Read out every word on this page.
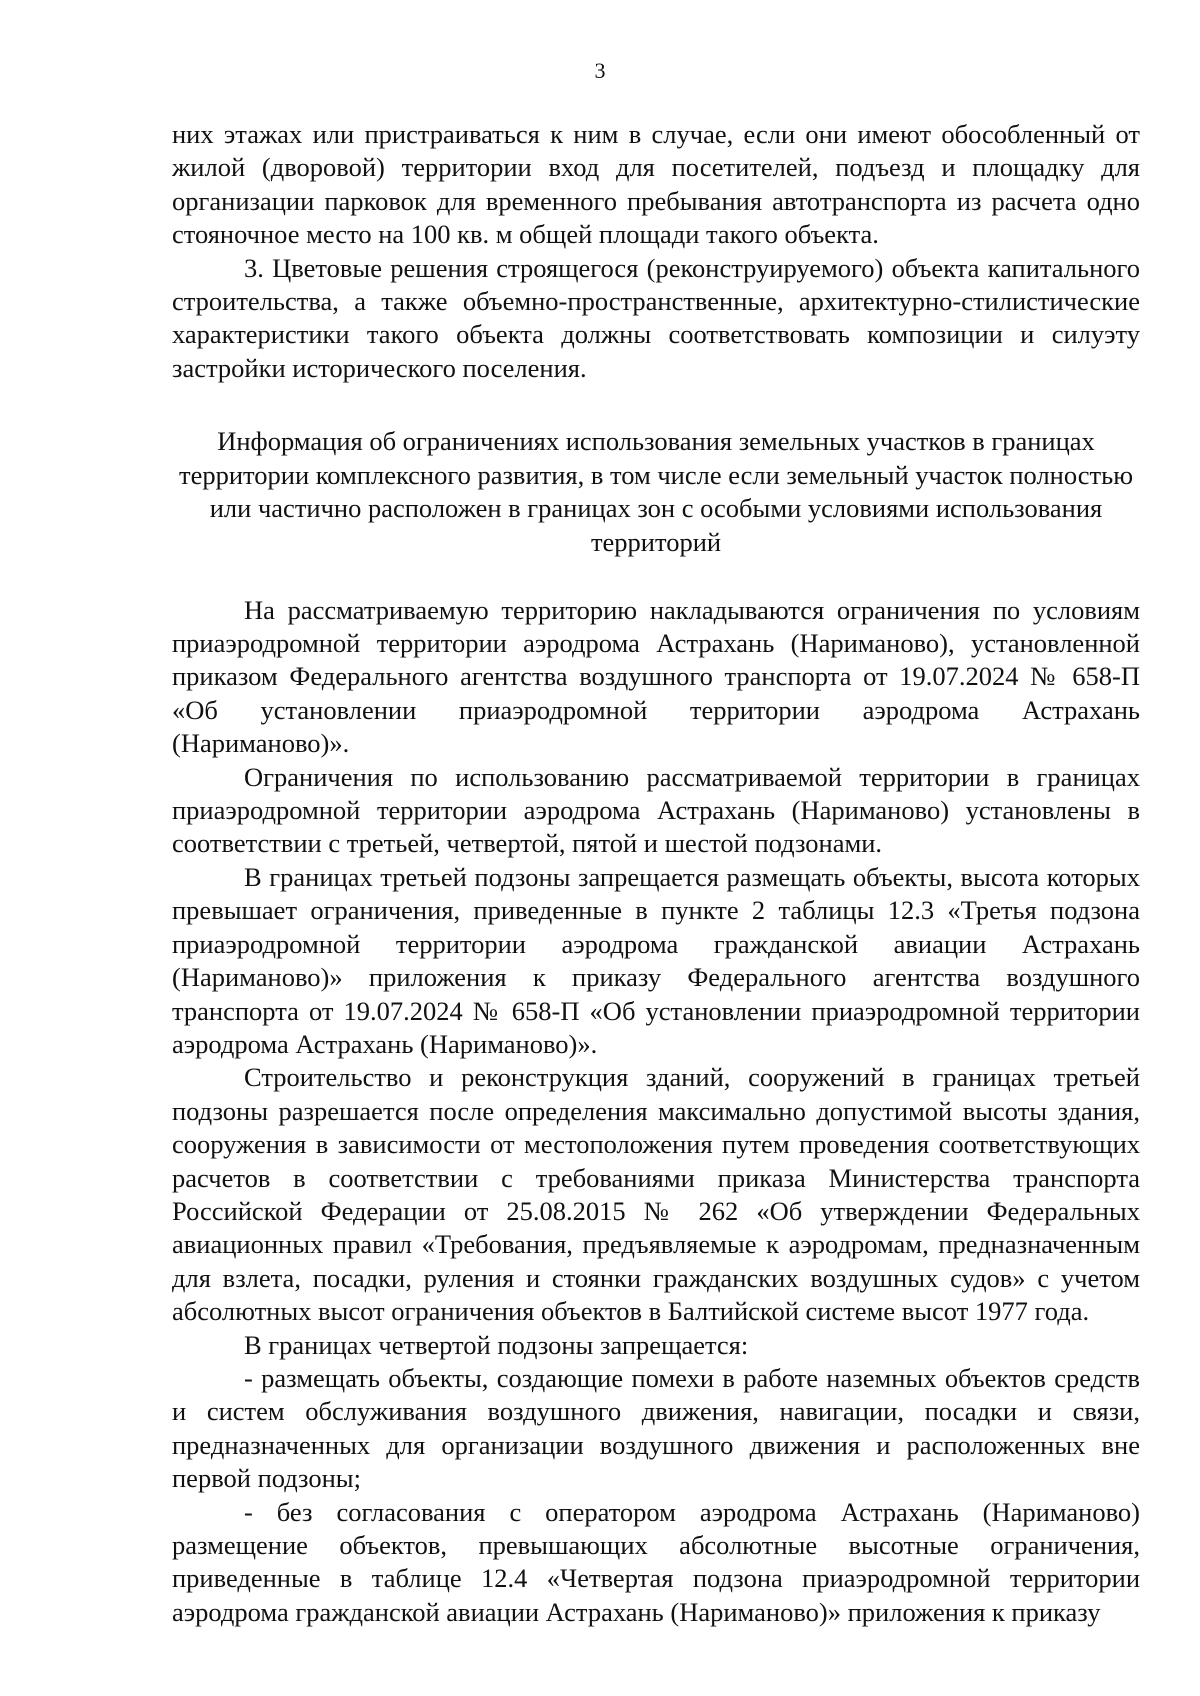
3

них этажах или пристраиваться к ним в случае, если они имеют обособленный от жилой (дворовой) территории вход для посетителей, подъезд и площадку для организации парковок для временного пребывания автотранспорта из расчета одно стояночное место на 100 кв. м общей площади такого объекта.

3. Цветовые решения строящегося (реконструируемого) объекта капитального строительства, а также объемно-пространственные, архитектурно-стилистические характеристики такого объекта должны соответствовать композиции и силуэту застройки исторического поселения.

Информация об ограничениях использования земельных участков в границах территории комплексного развития, в том числе если земельный участок полностью или частично расположен в границах зон с особыми условиями использования территорий

На рассматриваемую территорию накладываются ограничения по условиям приаэродромной территории аэродрома Астрахань (Нариманово), установленной приказом Федерального агентства воздушного транспорта от 19.07.2024 № 658-П «Об установлении приаэродромной территории аэродрома Астрахань (Нариманово)».

Ограничения по использованию рассматриваемой территории в границах приаэродромной территории аэродрома Астрахань (Нариманово) установлены в соответствии с третьей, четвертой, пятой и шестой подзонами.

В границах третьей подзоны запрещается размещать объекты, высота которых превышает ограничения, приведенные в пункте 2 таблицы 12.3 «Третья подзона приаэродромной территории аэродрома гражданской авиации Астрахань (Нариманово)» приложения к приказу Федерального агентства воздушного транспорта от 19.07.2024 № 658-П «Об установлении приаэродромной территории аэродрома Астрахань (Нариманово)».

Строительство и реконструкция зданий, сооружений в границах третьей подзоны разрешается после определения максимально допустимой высоты здания, сооружения в зависимости от местоположения путем проведения соответствующих расчетов в соответствии с требованиями приказа Министерства транспорта Российской Федерации от 25.08.2015 № 262 «Об утверждении Федеральных авиационных правил «Требования, предъявляемые к аэродромам, предназначенным для взлета, посадки, руления и стоянки гражданских воздушных судов» с учетом абсолютных высот ограничения объектов в Балтийской системе высот 1977 года.

В границах четвертой подзоны запрещается:

- размещать объекты, создающие помехи в работе наземных объектов средств и систем обслуживания воздушного движения, навигации, посадки и связи, предназначенных для организации воздушного движения и расположенных вне первой подзоны;

- без согласования с оператором аэродрома Астрахань (Нариманово) размещение объектов, превышающих абсолютные высотные ограничения, приведенные в таблице 12.4 «Четвертая подзона приаэродромной территории аэродрома гражданской авиации Астрахань (Нариманово)» приложения к приказу
